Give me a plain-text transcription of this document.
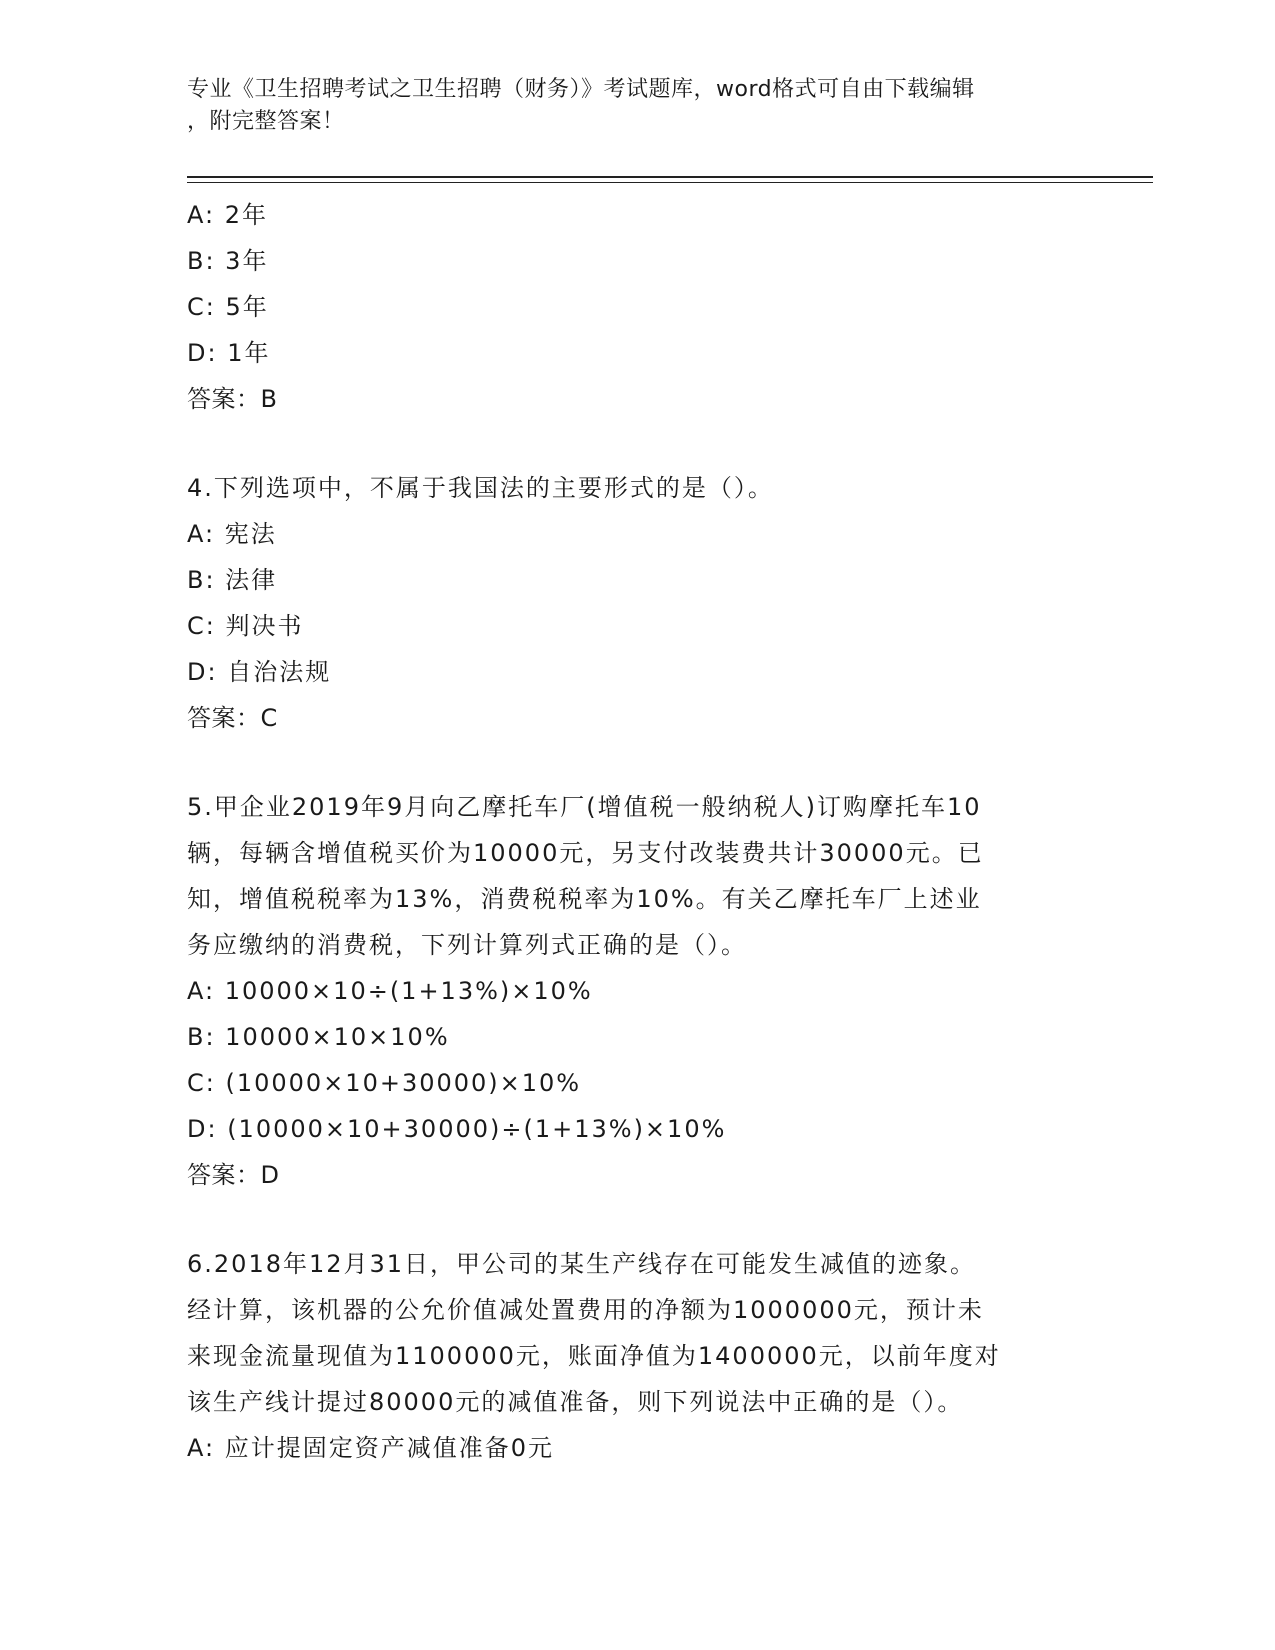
专业《卫生招聘考试之卫生招聘（财务）》考试题库，word格式可自由下载编辑
，附完整答案！
A: 2年
B: 3年
C: 5年
D: 1年
答案：B
4.下列选项中，不属于我国法的主要形式的是（）。
A: 宪法
B: 法律
C: 判决书
D: 自治法规
答案：C
5.甲企业2019年9月向乙摩托车厂(增值税一般纳税人)订购摩托车10
辆，每辆含增值税买价为10000元，另支付改装费共计30000元。已
知，增值税税率为13%，消费税税率为10%。有关乙摩托车厂上述业
务应缴纳的消费税，下列计算列式正确的是（）。
A: 10000×10÷(1+13%)×10%
B: 10000×10×10%
C: (10000×10+30000)×10%
D: (10000×10+30000)÷(1+13%)×10%
答案：D
6.2018年12月31日，甲公司的某生产线存在可能发生减值的迹象。
经计算，该机器的公允价值减处置费用的净额为1000000元，预计未
来现金流量现值为1100000元，账面净值为1400000元，以前年度对
该生产线计提过80000元的减值准备，则下列说法中正确的是（）。
A: 应计提固定资产减值准备0元
